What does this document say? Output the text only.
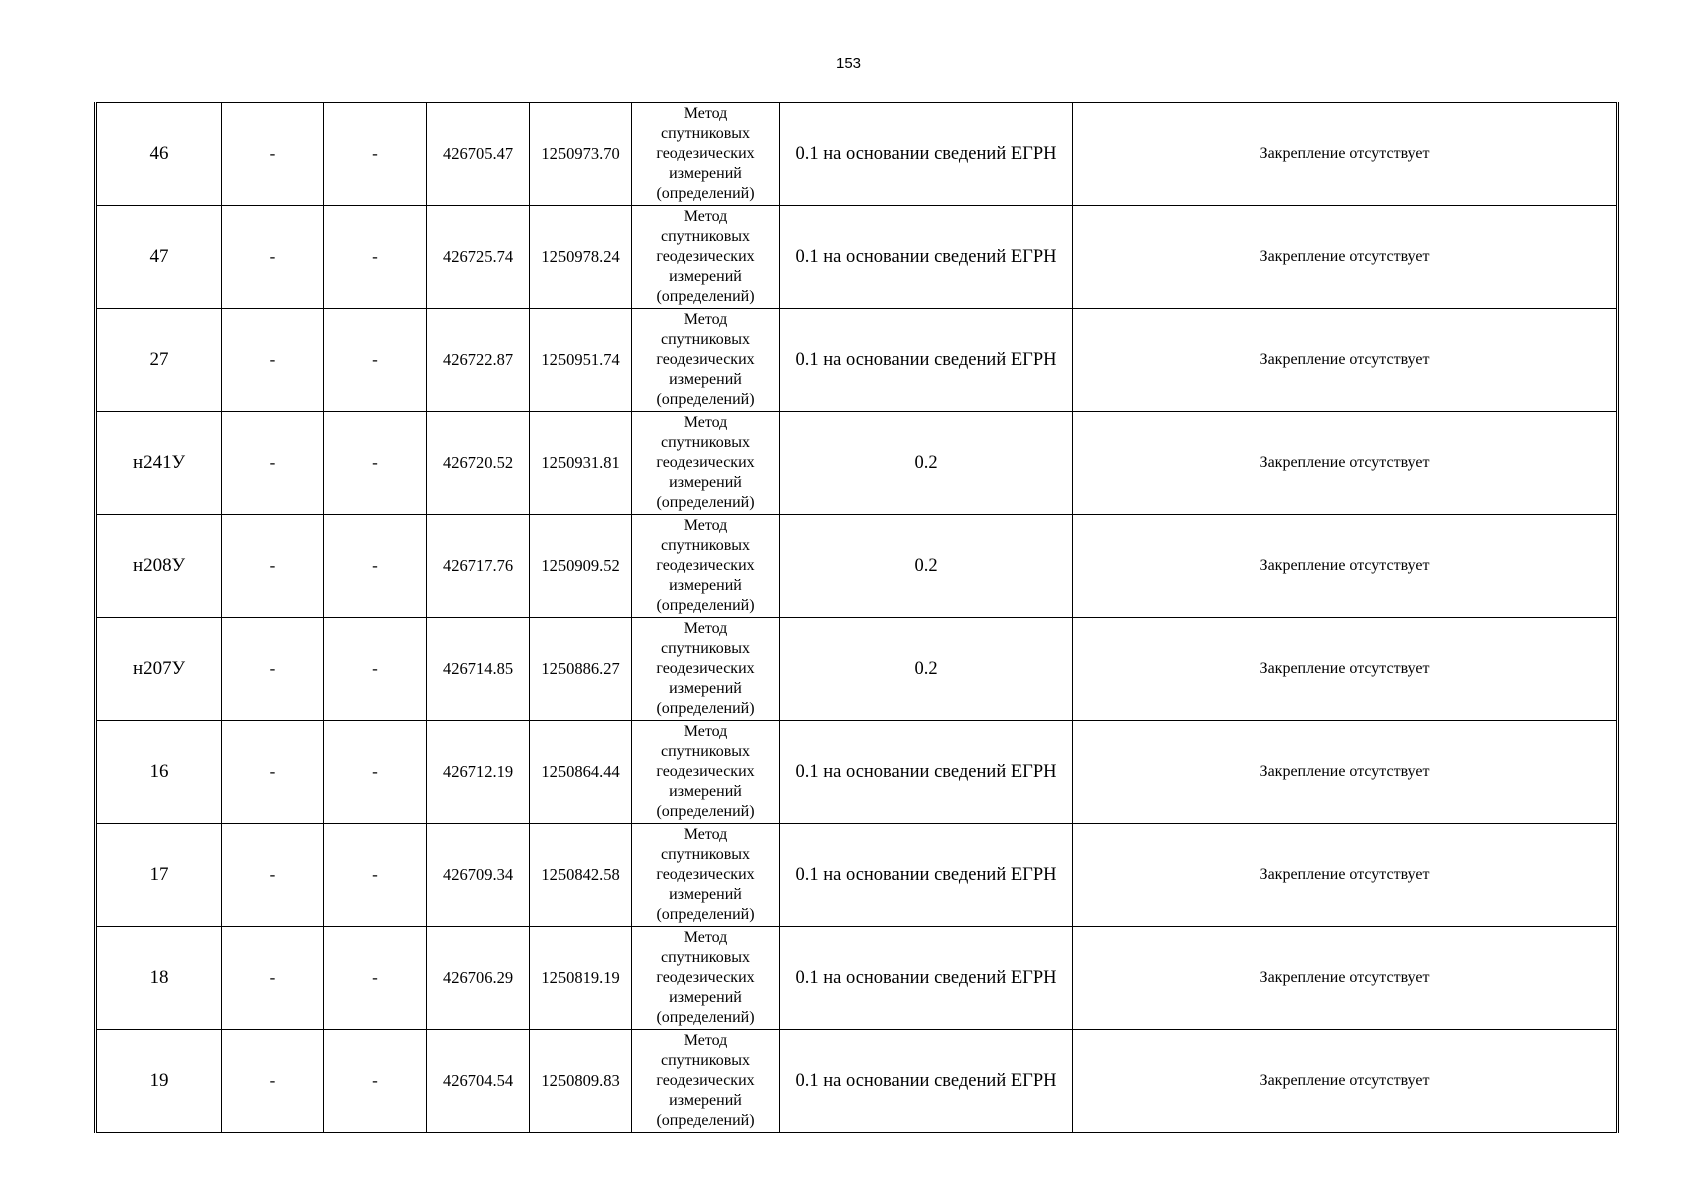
153
46	-	-	426705.47	1250973.70	Метод
спутниковых
геодезических
измерений
(определений)	0.1 на основании сведений ЕГРН	Закрепление отсутствует
47	-	-	426725.74	1250978.24	Метод
спутниковых
геодезических
измерений
(определений)	0.1 на основании сведений ЕГРН	Закрепление отсутствует
27	-	-	426722.87	1250951.74	Метод
спутниковых
геодезических
измерений
(определений)	0.1 на основании сведений ЕГРН	Закрепление отсутствует
н241У	-	-	426720.52	1250931.81	Метод
спутниковых
геодезических
измерений
(определений)	0.2	Закрепление отсутствует
н208У	-	-	426717.76	1250909.52	Метод
спутниковых
геодезических
измерений
(определений)	0.2	Закрепление отсутствует
н207У	-	-	426714.85	1250886.27	Метод
спутниковых
геодезических
измерений
(определений)	0.2	Закрепление отсутствует
16	-	-	426712.19	1250864.44	Метод
спутниковых
геодезических
измерений
(определений)	0.1 на основании сведений ЕГРН	Закрепление отсутствует
17	-	-	426709.34	1250842.58	Метод
спутниковых
геодезических
измерений
(определений)	0.1 на основании сведений ЕГРН	Закрепление отсутствует
18	-	-	426706.29	1250819.19	Метод
спутниковых
геодезических
измерений
(определений)	0.1 на основании сведений ЕГРН	Закрепление отсутствует
19	-	-	426704.54	1250809.83	Метод
спутниковых
геодезических
измерений
(определений)	0.1 на основании сведений ЕГРН	Закрепление отсутствует
